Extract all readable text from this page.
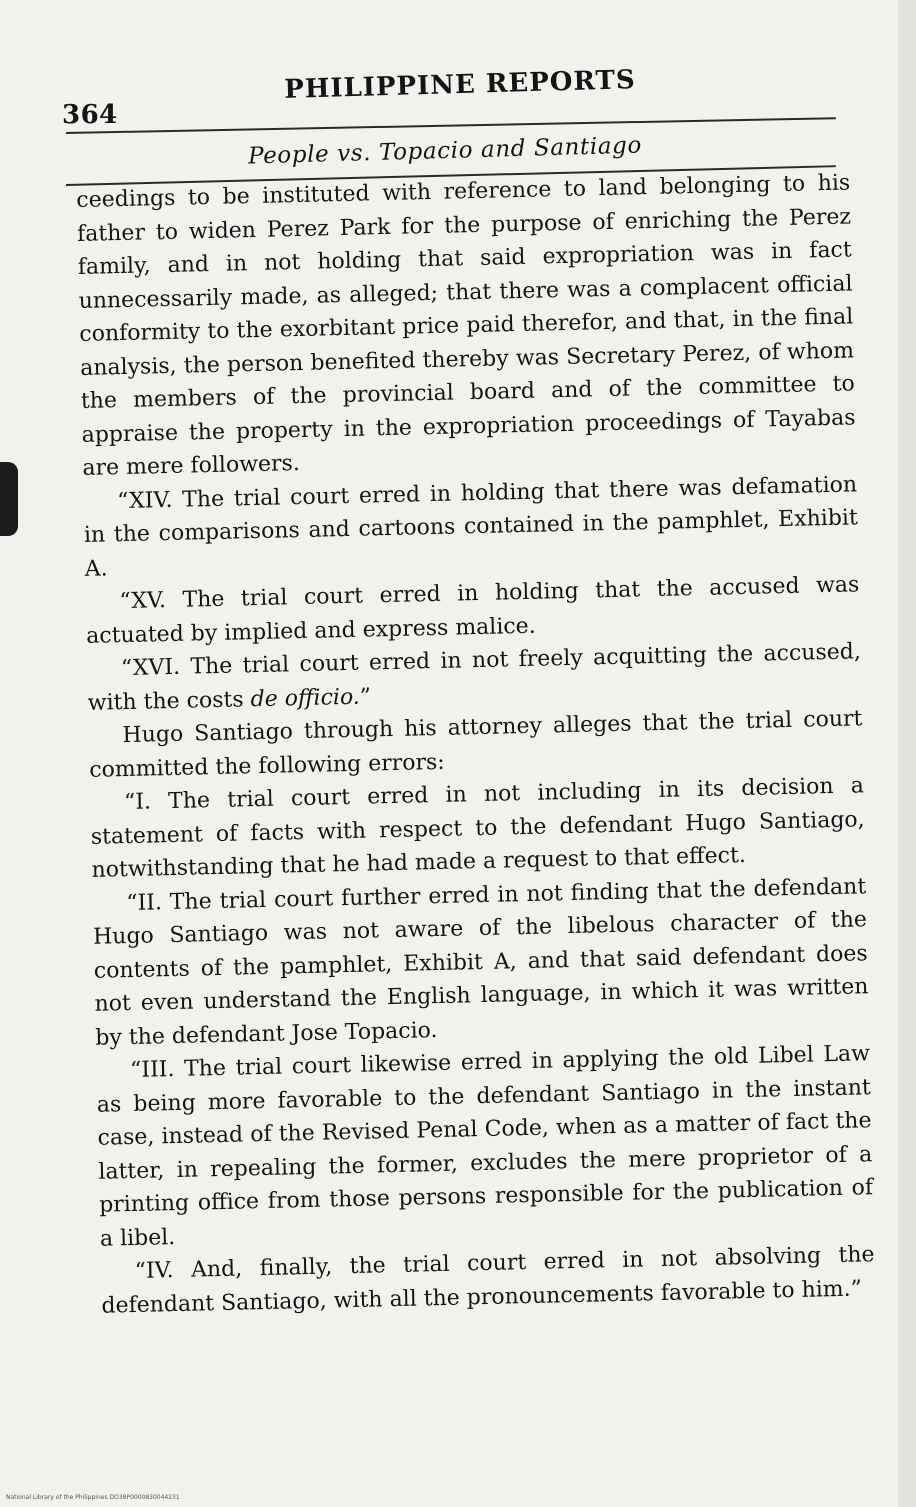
364
PHILIPPINE REPORTS
People vs. Topacio and Santiago

ceedings to be instituted with reference to land belonging to his father to widen Perez Park for the purpose of enriching the Perez family, and in not holding that said expropriation was in fact unnecessarily made, as alleged; that there was a complacent official conformity to the exorbitant price paid therefor, and that, in the final analysis, the person benefited thereby was Secretary Perez, of whom the members of the provincial board and of the committee to appraise the property in the expropriation proceedings of Tayabas are mere followers.

“XIV. The trial court erred in holding that there was defamation in the comparisons and cartoons contained in the pamphlet, Exhibit A.

“XV. The trial court erred in holding that the accused was actuated by implied and express malice.

“XVI. The trial court erred in not freely acquitting the accused, with the costs de officio.”

Hugo Santiago through his attorney alleges that the trial court committed the following errors:

“I. The trial court erred in not including in its decision a statement of facts with respect to the defendant Hugo Santiago, notwithstanding that he had made a request to that effect.

“II. The trial court further erred in not finding that the defendant Hugo Santiago was not aware of the libelous character of the contents of the pamphlet, Exhibit A, and that said defendant does not even understand the English language, in which it was written by the defendant Jose Topacio.

“III. The trial court likewise erred in applying the old Libel Law as being more favorable to the defendant Santiago in the instant case, instead of the Revised Penal Code, when as a matter of fact the latter, in repealing the former, excludes the mere proprietor of a printing office from those persons responsible for the publication of a libel.

“IV. And, finally, the trial court erred in not absolving the defendant Santiago, with all the pronouncements favorable to him.”

National Library of the Philippines DO38P0000830044231
